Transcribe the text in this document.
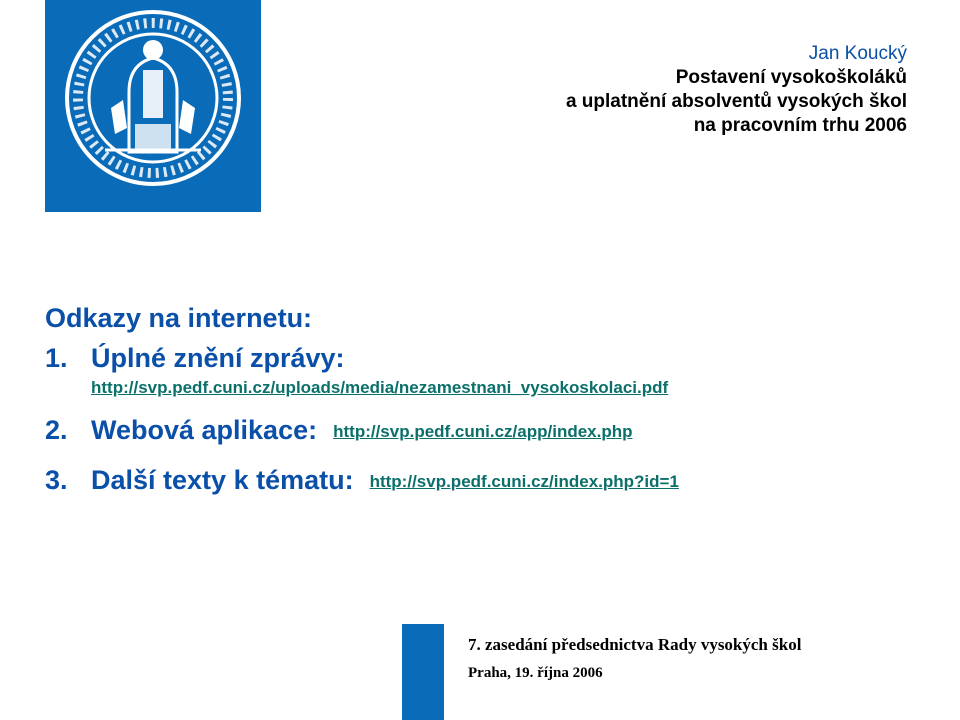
Jan Koucký
Postavení vysokoškoláků
a uplatnění absolventů vysokých škol
na pracovním trhu 2006
Odkazy na internetu:
1. Úplné znění zprávy:
http://svp.pedf.cuni.cz/uploads/media/nezamestnani_vysokoskolaci.pdf
2. Webová aplikace: http://svp.pedf.cuni.cz/app/index.php
3. Další texty k tématu: http://svp.pedf.cuni.cz/index.php?id=1
7. zasedání předsednictva Rady vysokých škol
Praha, 19. října 2006
